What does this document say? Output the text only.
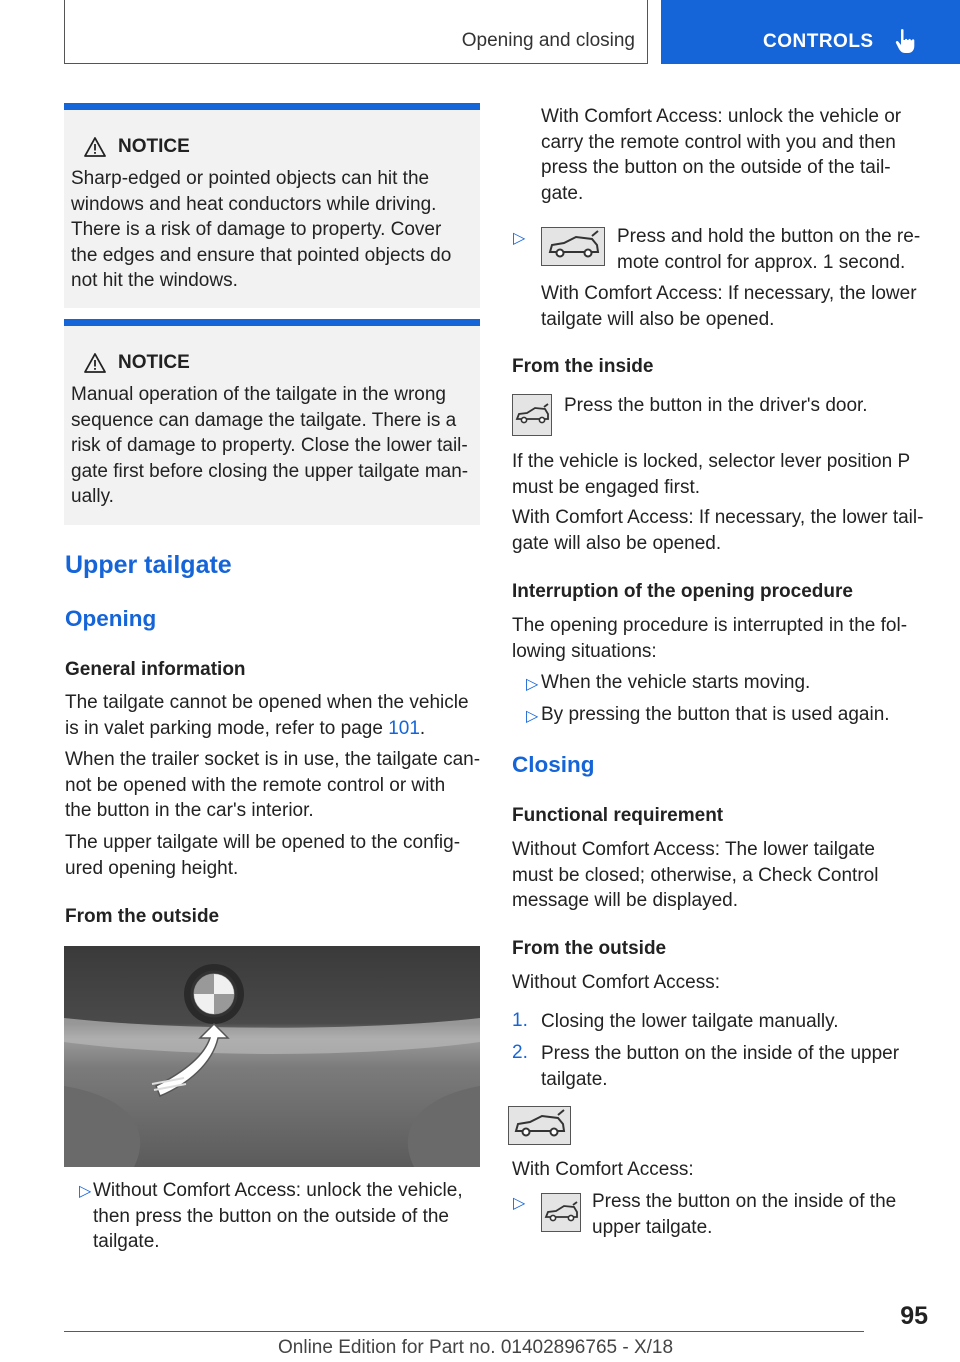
Opening and closing	CONTROLS
NOTICE
Sharp-edged or pointed objects can hit the
windows and heat conductors while driving.
There is a risk of damage to property. Cover
the edges and ensure that pointed objects do
not hit the windows.
NOTICE
Manual operation of the tailgate in the wrong
sequence can damage the tailgate. There is a
risk of damage to property. Close the lower tail-
gate first before closing the upper tailgate man-
ually.
Upper tailgate
Opening
General information

The tailgate cannot be opened when the vehicle

is in valet parking mode, refer to page 101.

When the trailer socket is in use, the tailgate can-

not be opened with the remote control or with

the button in the car's interior.

The upper tailgate will be opened to the config-

ured opening height.

From the outside
▷ Without Comfort Access: unlock the vehicle,

then press the button on the outside of the

tailgate.

With Comfort Access: unlock the vehicle or

carry the remote control with you and then

press the button on the outside of the tail-

gate.

▷	Press and hold the button on the re-

mote control for approx. 1 second.

With Comfort Access: If necessary, the lower

tailgate will also be opened.

From the inside

Press the button in the driver's door.

If the vehicle is locked, selector lever position P

must be engaged first.

With Comfort Access: If necessary, the lower tail-

gate will also be opened.

Interruption of the opening procedure

The opening procedure is interrupted in the fol-

lowing situations:

▷ When the vehicle starts moving.
▷ By pressing the button that is used again.
Closing
Functional requirement

Without Comfort Access: The lower tailgate

must be closed; otherwise, a Check Control

message will be displayed.

From the outside
Without Comfort Access:
1. Closing the lower tailgate manually.
2. Press the button on the inside of the upper

tailgate.

With Comfort Access:
▷	Press the button on the inside of the

upper tailgate.

95
Online Edition for Part no. 01402896765 - X/18
